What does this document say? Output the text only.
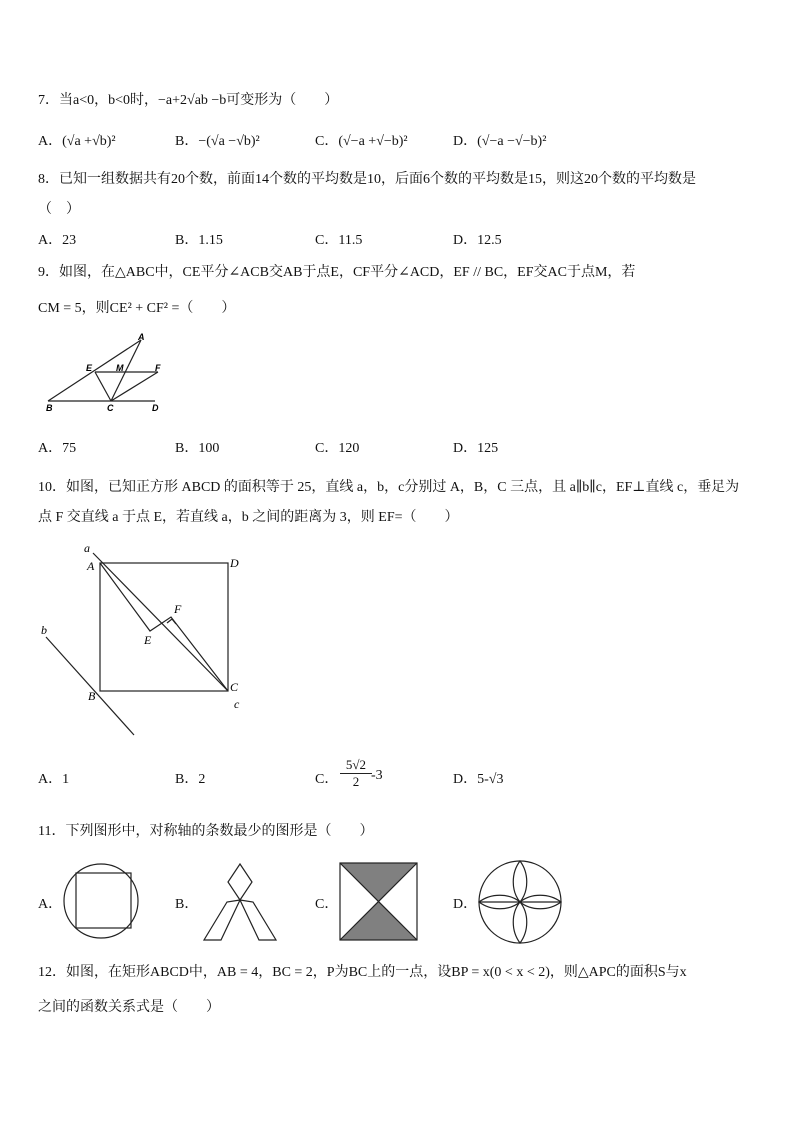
7．当a<0，b<0时，−a+2√ab −b可变形为（　　）
A．(√a +√b)²	B．−(√a −√b)²	C．(√−a +√−b)²	D．(√−a −√−b)²
8．已知一组数据共有20个数，前面14个数的平均数是10，后面6个数的平均数是15，则这20个数的平均数是
（　）
A．23	B．1.15	C．11.5	D．12.5
9．如图，在△ABC中，CE平分∠ACB交AB于点E，CF平分∠ACD，EF // BC，EF交AC于点M，若
CM = 5，则CE² + CF² =（　　）
A
E	M	F
B	C	D
A．75	B．100	C．120	D．125
10．如图，已知正方形 ABCD 的面积等于 25，直线 a，b，c分别过 A，B，C 三点，且 a∥b∥c，EF⊥直线 c，垂足为
点 F 交直线 a 于点 E，若直线 a，b 之间的距离为 3，则 EF=（　　）
a
A	D
F
E
b
B
C
c
A．1	B．2	C． $\frac{5√2}{2} -3$	D．5-√3
11．下列图形中，对称轴的条数最少的图形是（　　）
A．	B．	C．	D．
12．如图，在矩形ABCD中，AB = 4，BC = 2，P为BC上的一点，设BP = x(0 < x < 2)，则△APC的面积S与x
之间的函数关系式是（　　）
